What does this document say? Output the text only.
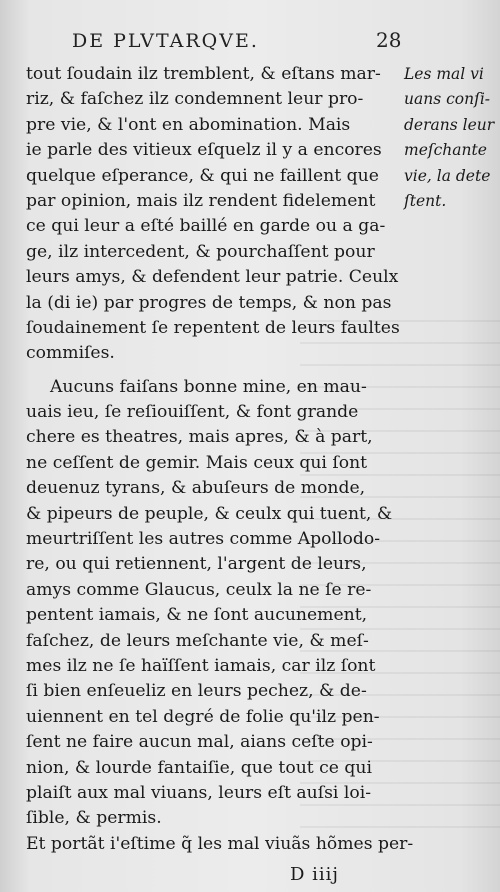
DE PLVTARQVE.	28
tout ſoudain ilz tremblent, & eſtans mar-
riz, & faſchez ilz condemnent leur pro-
pre vie, & l'ont en abomination. Mais
ie parle des vitieux eſquelz il y a encores
quelque eſperance, & qui ne faillent que
par opinion, mais ilz rendent fidelement
ce qui leur a eſté baillé en garde ou a ga-
ge, ilz intercedent, & pourchaſſent pour
leurs amys, & defendent leur patrie. Ceulx
la (di ie) par progres de temps, & non pas
ſoudainement ſe repentent de leurs faultes
commiſes.
Aucuns faiſans bonne mine, en mau-
uais ieu, ſe reſiouiſſent, & font grande
chere es theatres, mais apres, & à part,
ne ceſſent de gemir. Mais ceux qui ſont
deuenuz tyrans, & abuſeurs de monde,
& pipeurs de peuple, & ceulx qui tuent, &
meurtriſſent les autres comme Apollodo-
re, ou qui retiennent, l'argent de leurs,
amys comme Glaucus, ceulx la ne ſe re-
pentent iamais, & ne ſont aucunement,
faſchez, de leurs meſchante vie, & meſ-
mes ilz ne ſe haïſſent iamais, car ilz ſont
ſi bien enſeueliz en leurs pechez, & de-
uiennent en tel degré de folie qu'ilz pen-
ſent ne faire aucun mal, aians ceſte opi-
nion, & lourde fantaiſie, que tout ce qui
plaiſt aux mal viuans, leurs eſt auſsi loi-
ſible, & permis.
Et portãt i'eſtime q̃ les mal viuãs hõmes per-
Les mal vi
uans conſi-
derans leur
meſchante
vie, la dete
ſtent.
D iiij
